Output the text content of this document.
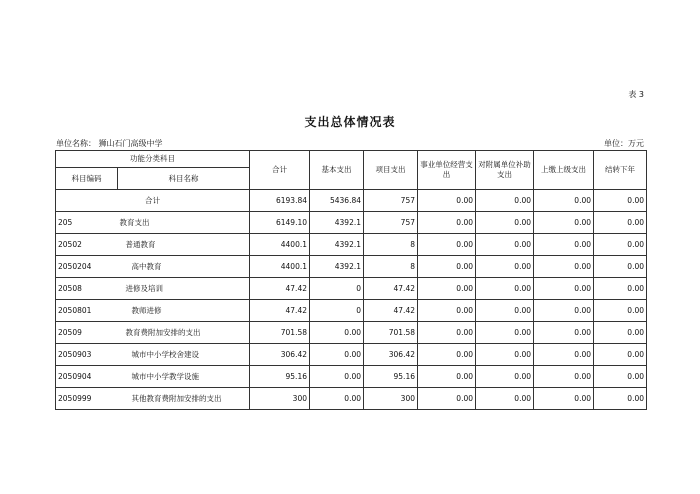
表 3
支出总体情况表
单位名称： 狮山石门高级中学	单位：万元
功能分类科目		合计	基本支出	项目支出	事业单位经营支出	对附属单位补助支出	上缴上级支出	结转下年
科目编码	科目名称							
合计		6193.84	5436.84	757	0.00	0.00	0.00	0.00
205	教育支出	6149.10	4392.1	757	0.00	0.00	0.00	0.00
20502	普通教育	4400.1	4392.1	8	0.00	0.00	0.00	0.00
2050204	高中教育	4400.1	4392.1	8	0.00	0.00	0.00	0.00
20508	进修及培训	47.42	0	47.42	0.00	0.00	0.00	0.00
2050801	教师进修	47.42	0	47.42	0.00	0.00	0.00	0.00
20509	教育费附加安排的支出	701.58	0.00	701.58	0.00	0.00	0.00	0.00
2050903	城市中小学校舍建设	306.42	0.00	306.42	0.00	0.00	0.00	0.00
2050904	城市中小学教学设施	95.16	0.00	95.16	0.00	0.00	0.00	0.00
2050999	其他教育费附加安排的支出	300	0.00	300	0.00	0.00	0.00	0.00
